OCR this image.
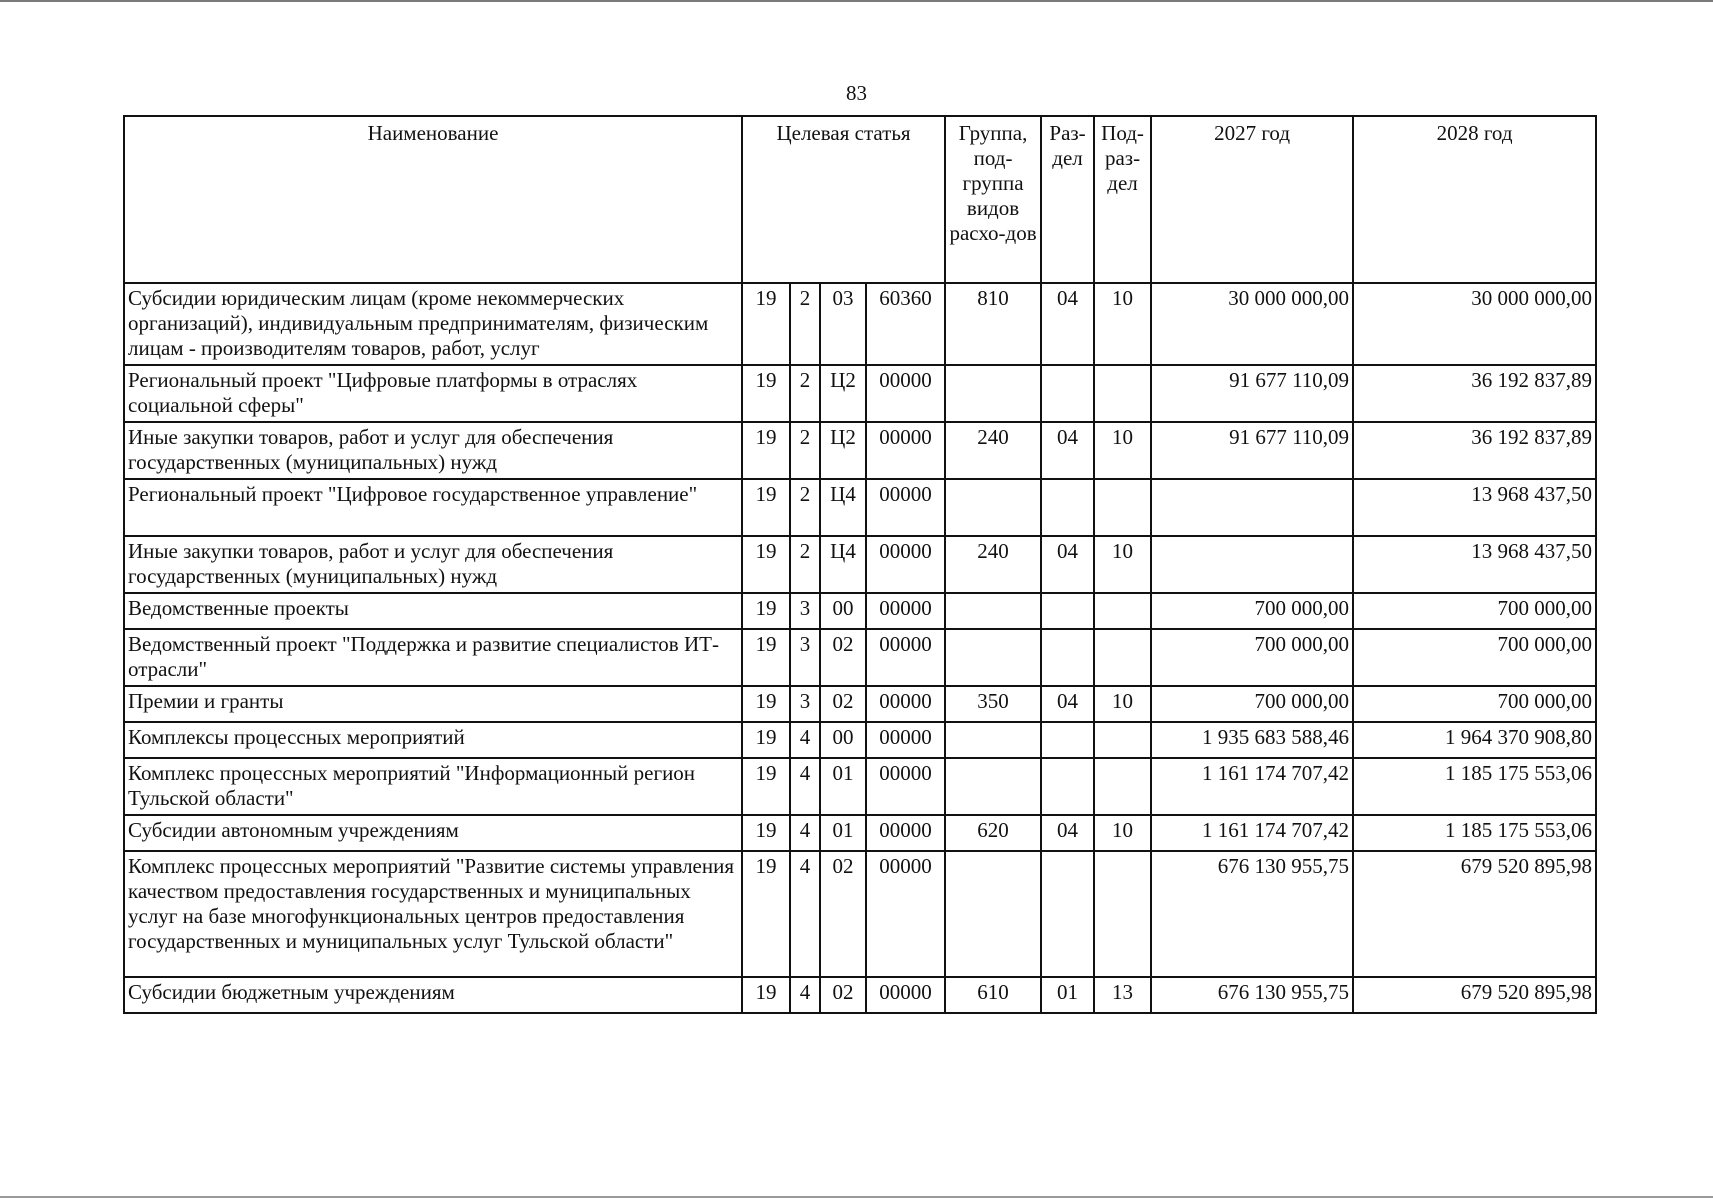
83
Наименование	Целевая статья				Группа, под-группа видов расхо-дов	Раз-дел	Под-раз-дел	2027 год	2028 год
Субсидии юридическим лицам (кроме некоммерческих организаций), индивидуальным предпринимателям, физическим лицам - производителям товаров, работ, услуг	19	2	03	60360	810	04	10	30 000 000,00	30 000 000,00
Региональный проект "Цифровые платформы в отраслях социальной сферы"	19	2	Ц2	00000				91 677 110,09	36 192 837,89
Иные закупки товаров, работ и услуг для обеспечения государственных (муниципальных) нужд	19	2	Ц2	00000	240	04	10	91 677 110,09	36 192 837,89
Региональный проект "Цифровое государственное управление"	19	2	Ц4	00000					13 968 437,50
Иные закупки товаров, работ и услуг для обеспечения государственных (муниципальных) нужд	19	2	Ц4	00000	240	04	10		13 968 437,50
Ведомственные проекты	19	3	00	00000				700 000,00	700 000,00
Ведомственный проект "Поддержка и развитие специалистов ИТ-отрасли"	19	3	02	00000				700 000,00	700 000,00
Премии и гранты	19	3	02	00000	350	04	10	700 000,00	700 000,00
Комплексы процессных мероприятий	19	4	00	00000				1 935 683 588,46	1 964 370 908,80
Комплекс процессных мероприятий "Информационный регион Тульской области"	19	4	01	00000				1 161 174 707,42	1 185 175 553,06
Субсидии автономным учреждениям	19	4	01	00000	620	04	10	1 161 174 707,42	1 185 175 553,06
Комплекс процессных мероприятий "Развитие системы управления качеством предоставления государственных и муниципальных услуг на базе многофункциональных центров предоставления государственных и муниципальных услуг Тульской области"	19	4	02	00000				676 130 955,75	679 520 895,98
Субсидии бюджетным учреждениям	19	4	02	00000	610	01	13	676 130 955,75	679 520 895,98
